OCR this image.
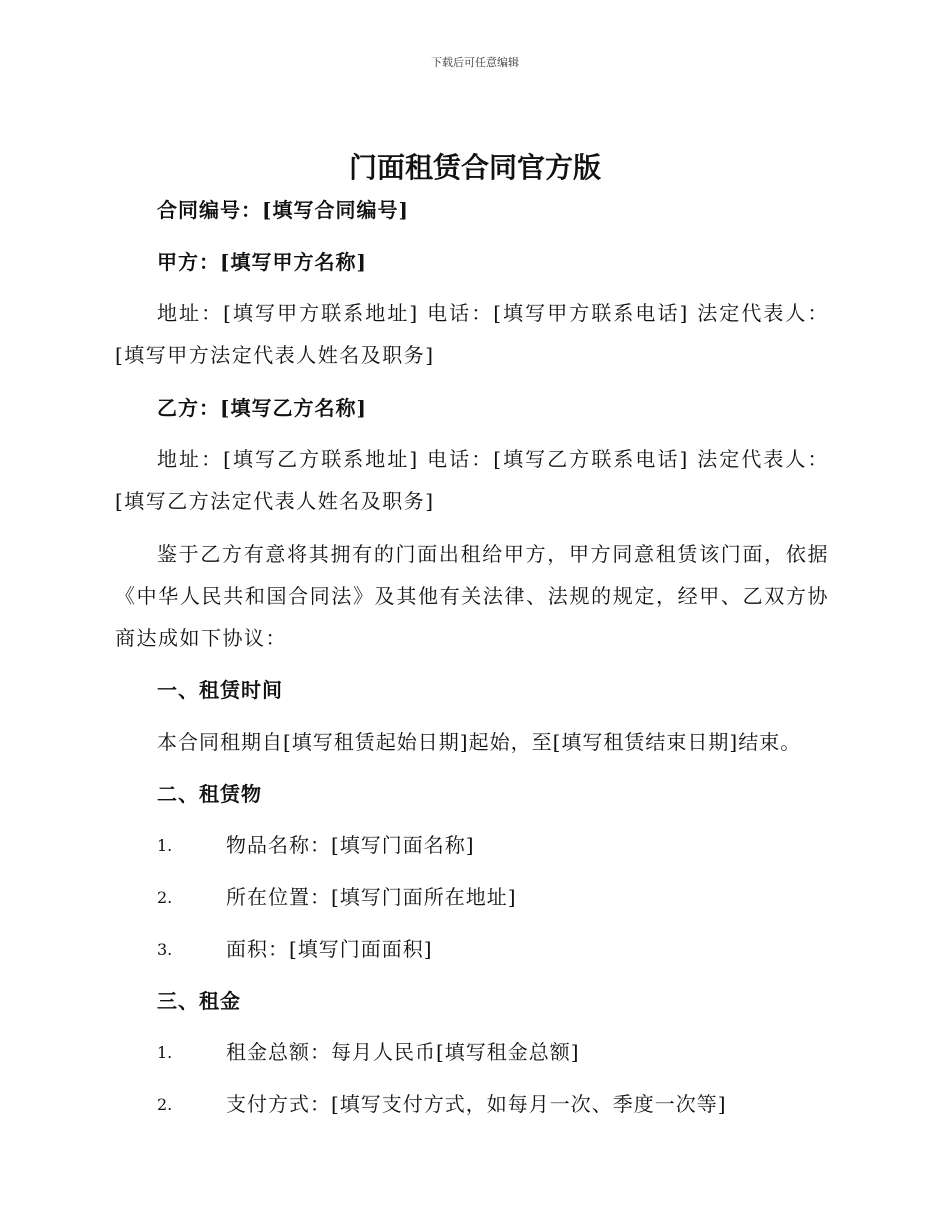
下载后可任意编辑
门面租赁合同官方版
合同编号：[填写合同编号]
甲方：[填写甲方名称]
地址：[填写甲方联系地址] 电话：[填写甲方联系电话] 法定代表人：[填写甲方法定代表人姓名及职务]
乙方：[填写乙方名称]
地址：[填写乙方联系地址] 电话：[填写乙方联系电话] 法定代表人：[填写乙方法定代表人姓名及职务]
鉴于乙方有意将其拥有的门面出租给甲方，甲方同意租赁该门面，依据《中华人民共和国合同法》及其他有关法律、法规的规定，经甲、乙双方协商达成如下协议：
一、租赁时间
本合同租期自[填写租赁起始日期]起始，至[填写租赁结束日期]结束。
二、租赁物
1.	物品名称：[填写门面名称]
2.	所在位置：[填写门面所在地址]
3.	面积：[填写门面面积]
三、租金
1.	租金总额：每月人民币[填写租金总额]
2.	支付方式：[填写支付方式，如每月一次、季度一次等]
